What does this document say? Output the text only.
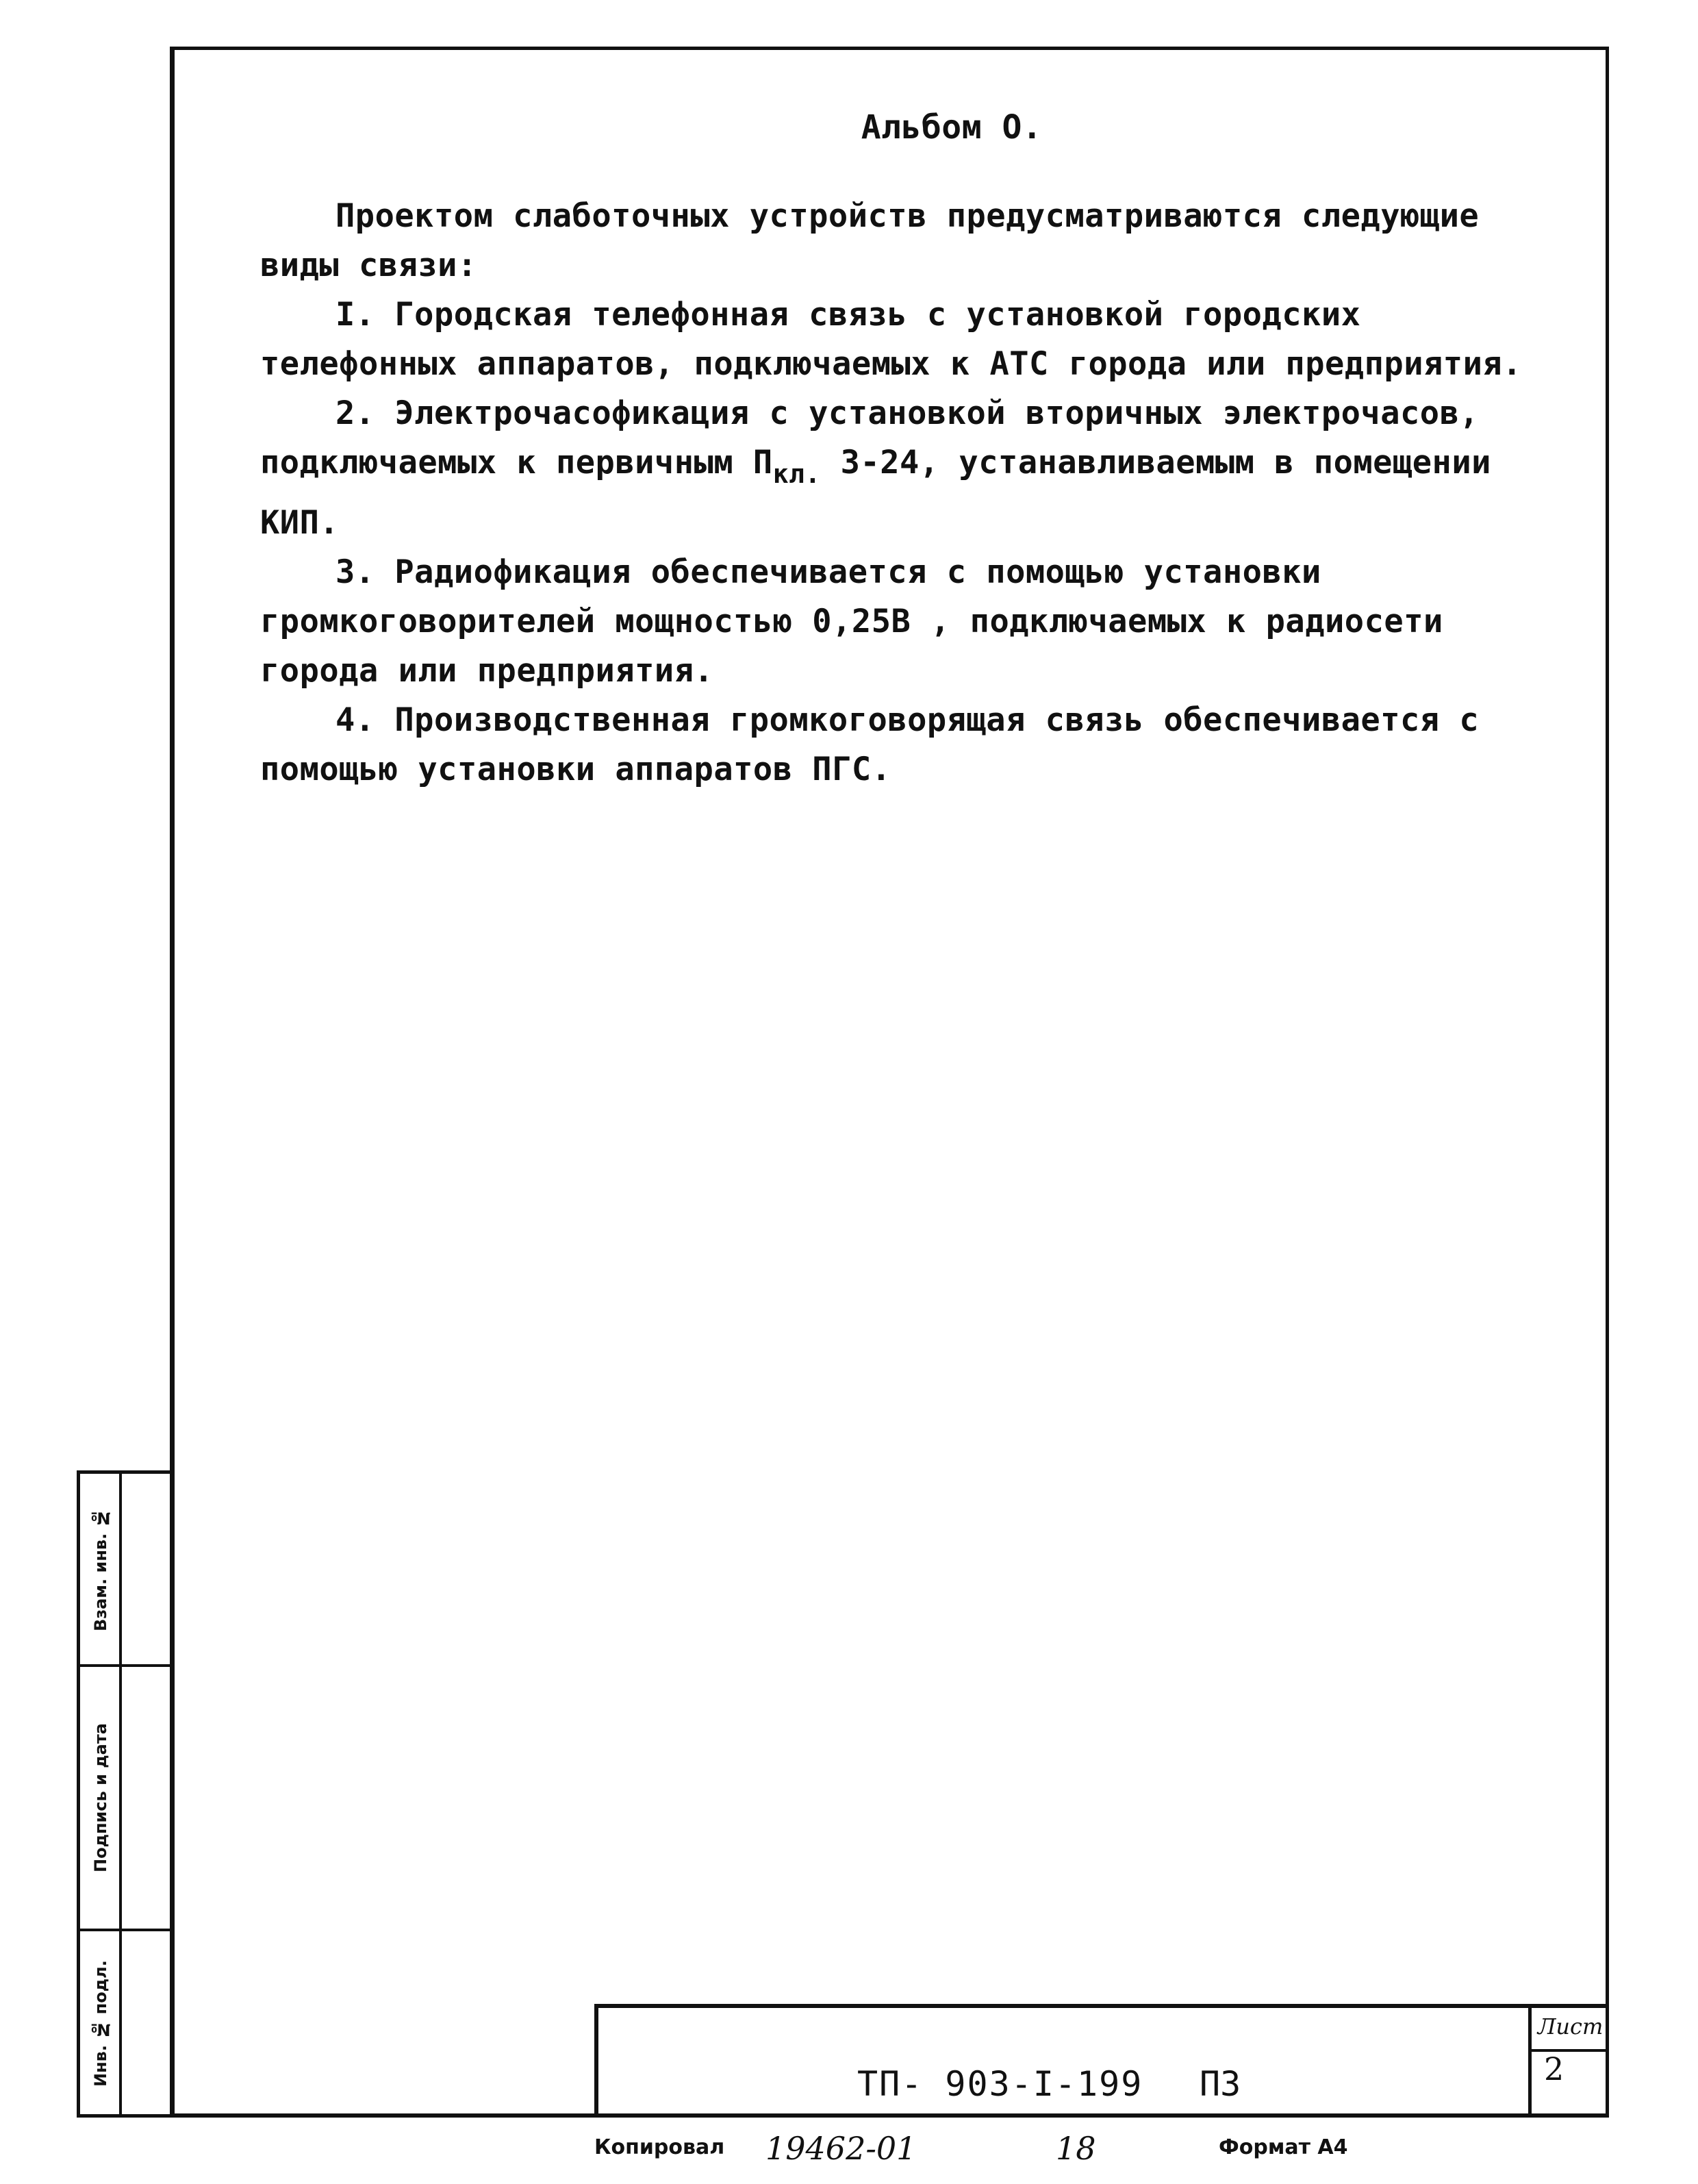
Альбом О.

Проектом слаботочных устройств предусматриваются следующие виды связи:

I. Городская телефонная связь с установкой городских телефонных аппаратов, подключаемых к АТС города или предприятия.

2. Электрочасофикация с установкой вторичных электрочасов, подключаемых к первичным $П_{кл.}$ 3-24, устанавливаемым в помещении КИП.

3. Радиофикация обеспечивается с помощью установки громкоговорителей мощностью 0,25В , подключаемых к радиосети города или предприятия.

4. Производственная громкоговорящая связь обеспечивается с помощью установки аппаратов ПГС.

Взам. инв. №
Подпись и дата
Инв. № подл.	ТП- 903-I-199 ПЗ
Лист
2
Копировал 19462-01	18	Формат А4
